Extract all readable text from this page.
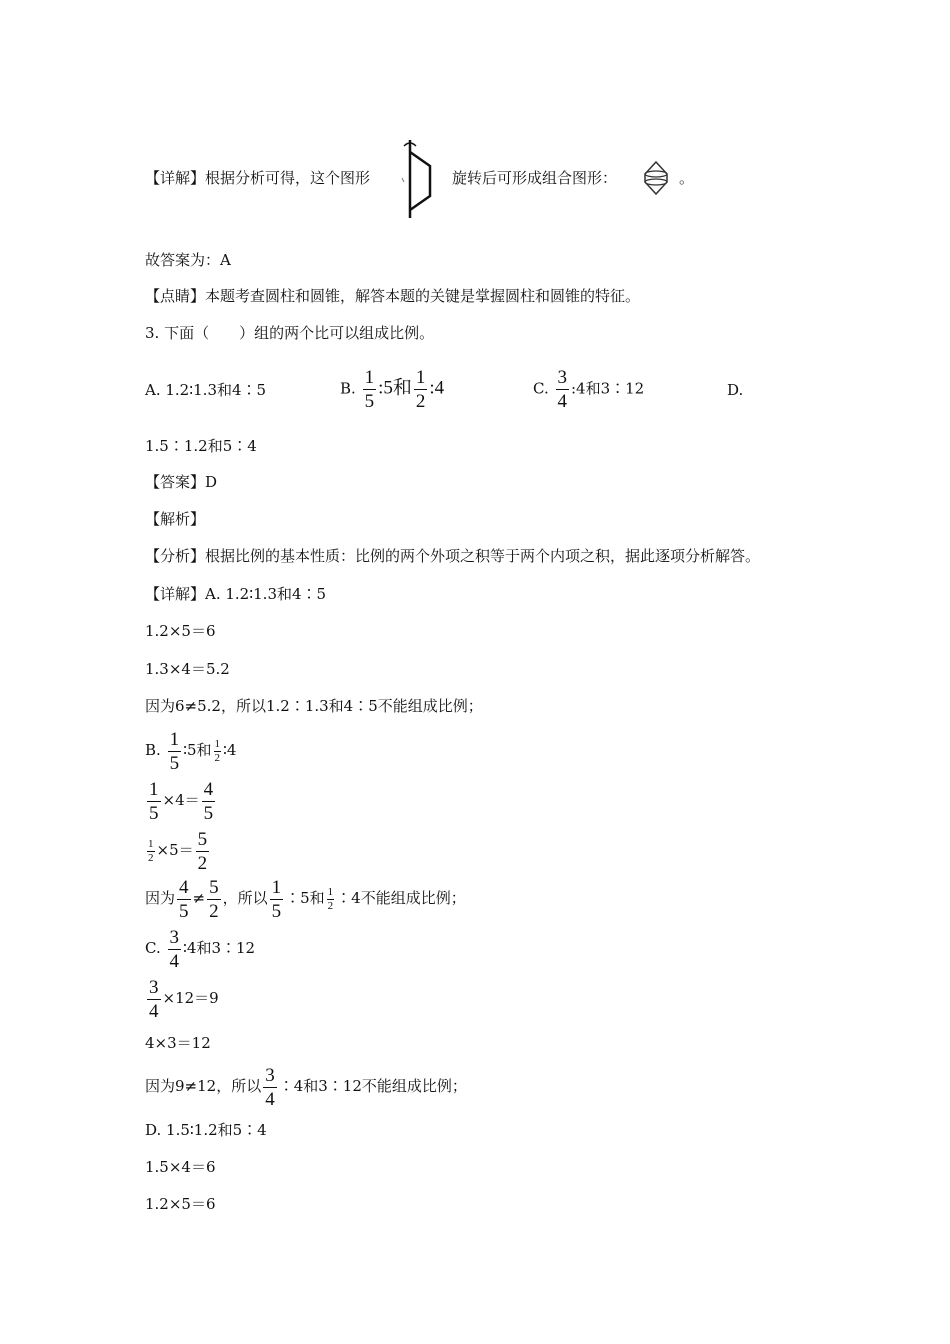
【详解】根据分析可得，这个图形	旋转后可形成组合图形：	。
故答案为：A
【点睛】本题考查圆柱和圆锥，解答本题的关键是掌握圆柱和圆锥的特征。
3. 下面（　　）组的两个比可以组成比例。
A. 1.2∶1.3和4∶5	B. $\frac{1}{5}$ :5和 $\frac{1}{2}$ :4	C. $\frac{3}{4}$ :4和3∶12	D.
1.5∶1.2和5∶4
【答案】D
【解析】
【分析】根据比例的基本性质：比例的两个外项之积等于两个内项之积，据此逐项分析解答。
【详解】A. 1.2∶1.3和4∶5
1.2×5＝6
1.3×4＝5.2
因为6≠5.2，所以1.2∶1.3和4∶5不能组成比例；
B. $\frac{1}{5}$ ∶5和 $\frac{1}{2}$ ∶4
$\frac{1}{5} \times 4= \frac{4}{5}$
$\frac{1}{2} \times 5= \frac{5}{2}$
因为 $\frac{4}{5} \ne \frac{5}{2}$ ，所以 $\frac{1}{5}$ ∶5和 $\frac{1}{2}$ ∶4不能组成比例；
C. $\frac{3}{4}$ ∶4和3∶12
$\frac{3}{4} \times 12=9$
4×3＝12
因为9≠12，所以 $\frac{3}{4}$ ∶4和3∶12不能组成比例；
D. 1.5∶1.2和5∶4
1.5×4＝6
1.2×5＝6
